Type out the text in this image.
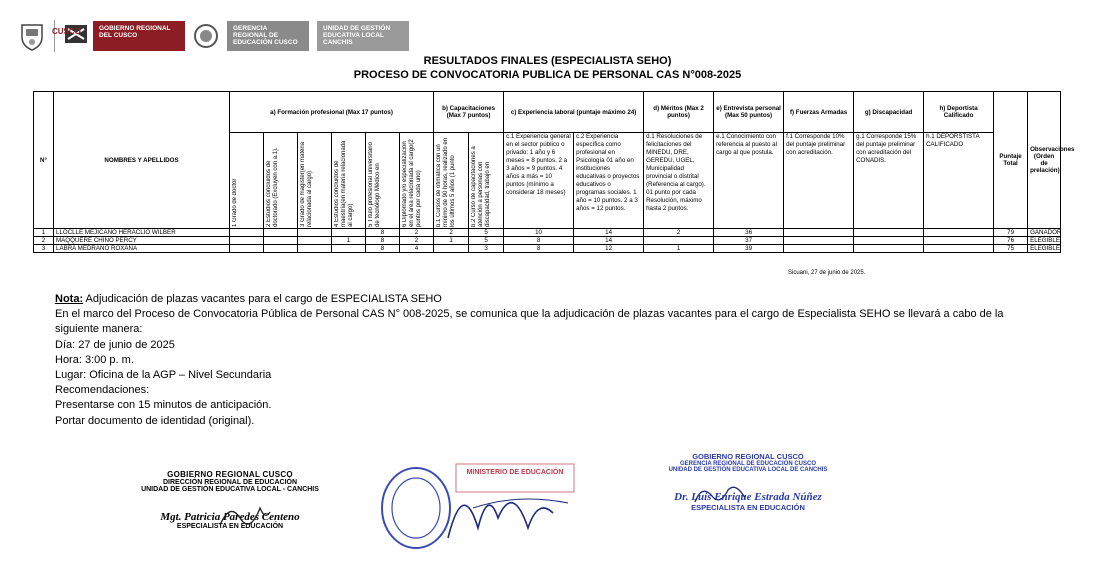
GOBIERNO REGIONAL DEL CUSCO
GERENCIA REGIONAL DE EDUCACIÓN CUSCO
UNIDAD DE GESTIÓN EDUCATIVA LOCAL CANCHIS
CUSCO
RESULTADOS FINALES (ESPECIALISTA SEHO)
PROCESO DE CONVOCATORIA PUBLICA DE PERSONAL CAS N°008-2025
N°	NOMBRES Y APELLIDOS	a) Formación profesional (Max 17 puntos)						b) Capacitaciones (Max 7 puntos)		c) Experiencia laboral (puntaje máximo 24)		d) Méritos (Max 2 puntos)	e) Entrevista personal (Max 50 puntos)	f) Fuerzas Armadas	g) Discapacidad	h) Deportista Calificado	Puntaje Total	Observaciones (Orden de prelación)

		1 Grado de doctor	2 Estudios concluidos de doctorado (Excluyen con a.1).	3 Grado de magister(en materia relacionada al cargo)	4 Estudios concluidos de maestría(en materia relacionada al cargo)	5 Título profesional universitario de tecnólogo Médico en	6 Diplomado y/o especialización en el área relacionada al cargo(2 puntos por cada uno)	b.1 Cursos de ofimática con un mínimo de 90 horas, realizado en los últimos 5 años (1 punto	b.2 Curso de capacitaciones a atención a personas con discapacidad, trabajo en	c.1 Experiencia general en el sector público o privado: 1 año y 6 meses = 8 puntos. 2 a 3 años = 9 puntos. 4 años a más = 10 puntos (mínimo a considerar 18 meses)	c.2 Experiencia específica como profesional en Psicología 01 año en instituciones educativas o proyectos educativos o programas sociales. 1 año = 10 puntos. 2 a 3 años = 12 puntos.	d.1 Resoluciones de felicitaciones del MINEDU, DRE, GEREDU, UGEL, Municipalidad provincial o distrital (Referencia al cargo). 01 punto por cada Resolución, máximo hasta 2 puntos.	e.1 Conocimiento con referencia al puesto al cargo al que postula.	f.1 Corresponde 10% del puntaje preliminar con acreditación.	g.1 Corresponde 15% del puntaje preliminar con acreditación del CONADIS.	h.1 DEPORSTISTA CALIFICADO		
1	LLOCLLE MEJICANO HERACLIO WILBER					8	2	2	5	10	14	2	36				79	GANADOR
2	MAQQUERE CHINO PERCY				1	8	2	1	5	8	14		37				76	ELEGIBLE
3	LABRA MEDRANO ROXANA					8	4		3	8	12	1	39				75	ELEGIBLE
Sicuani, 27 de junio de 2025.

Nota: Adjudicación de plazas vacantes para el cargo de ESPECIALISTA SEHO

En el marco del Proceso de Convocatoria Pública de Personal CAS N° 008-2025, se comunica que la adjudicación de plazas vacantes para el cargo de Especialista SEHO se llevará a cabo de la siguiente manera:

Día: 27 de junio de 2025

Hora: 3:00 p. m.

Lugar: Oficina de la AGP – Nivel Secundaria

Recomendaciones:

Presentarse con 15 minutos de anticipación.

Portar documento de identidad (original).

GOBIERNO REGIONAL CUSCO
DIRECCIÓN REGIONAL DE EDUCACIÓN
UNIDAD DE GESTIÓN EDUCATIVA LOCAL - CANCHIS
Mgt. Patricia Paredes Centeno
ESPECIALISTA EN EDUCACIÓN
MINISTERIO DE EDUCACIÓN
GOBIERNO REGIONAL CUSCO
GERENCIA REGIONAL DE EDUCACIÓN CUSCO
UNIDAD DE GESTIÓN EDUCATIVA LOCAL DE CANCHIS
Dr. Luis Enrique Estrada Núñez
ESPECIALISTA EN EDUCACIÓN
